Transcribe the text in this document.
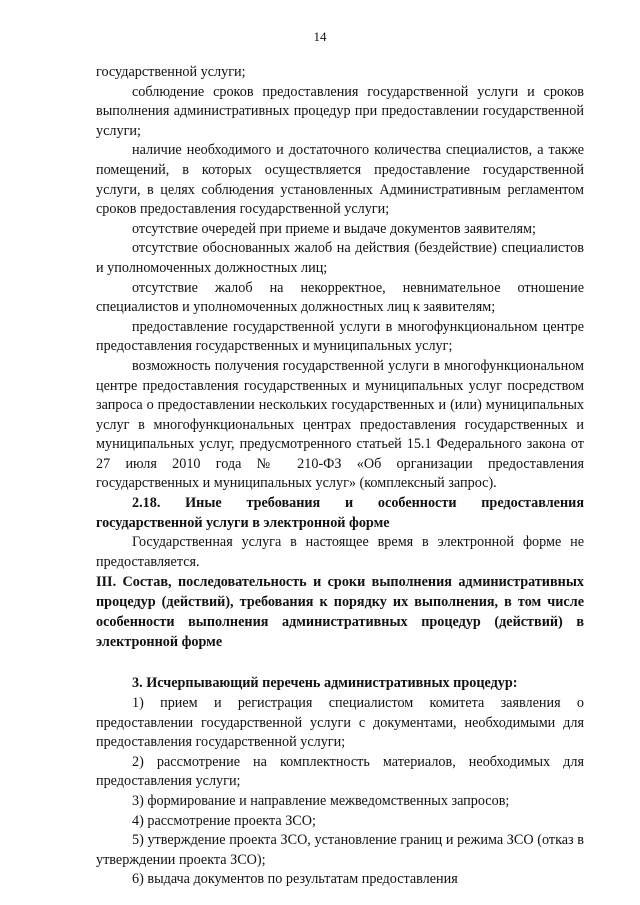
14

государственной услуги;

соблюдение сроков предоставления государственной услуги и сроков выполнения административных процедур при предоставлении государственной услуги;

наличие необходимого и достаточного количества специалистов, а также помещений, в которых осуществляется предоставление государственной услуги, в целях соблюдения установленных Административным регламентом сроков предоставления государственной услуги;

отсутствие очередей при приеме и выдаче документов заявителям;

отсутствие обоснованных жалоб на действия (бездействие) специалистов и уполномоченных должностных лиц;

отсутствие жалоб на некорректное, невнимательное отношение специалистов и уполномоченных должностных лиц к заявителям;

предоставление государственной услуги в многофункциональном центре предоставления государственных и муниципальных услуг;

возможность получения государственной услуги в многофункциональном центре предоставления государственных и муниципальных услуг посредством запроса о предоставлении нескольких государственных и (или) муниципальных услуг в многофункциональных центрах предоставления государственных и муниципальных услуг, предусмотренного статьей 15.1 Федерального закона от 27 июля 2010 года № 210-ФЗ «Об организации предоставления государственных и муниципальных услуг» (комплексный запрос).

2.18. Иные требования и особенности предоставления государственной услуги в электронной форме

Государственная услуга в настоящее время в электронной форме не предоставляется.

III. Состав, последовательность и сроки выполнения административных процедур (действий), требования к порядку их выполнения, в том числе особенности выполнения административных процедур (действий) в электронной форме

3. Исчерпывающий перечень административных процедур:

1) прием и регистрация специалистом комитета заявления о предоставлении государственной услуги с документами, необходимыми для предоставления государственной услуги;

2) рассмотрение на комплектность материалов, необходимых для предоставления услуги;

3) формирование и направление межведомственных запросов;

4) рассмотрение проекта ЗСО;

5) утверждение проекта ЗСО, установление границ и режима ЗСО (отказ в утверждении проекта ЗСО);

6) выдача документов по результатам предоставления
